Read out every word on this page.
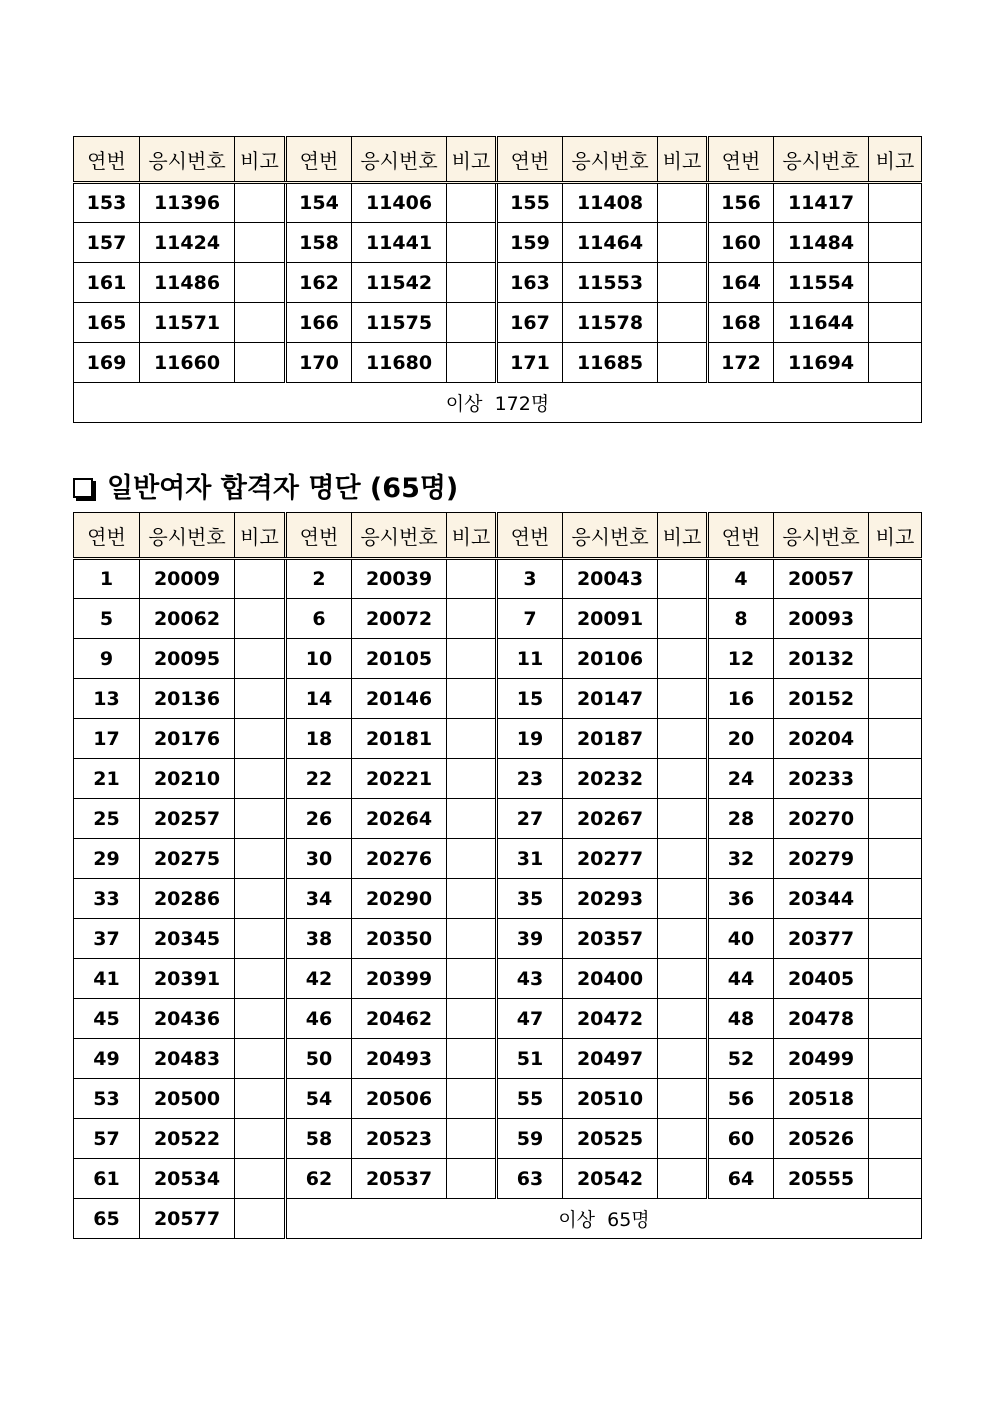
연번	응시번호	비고	연번	응시번호	비고	연번	응시번호	비고	연번	응시번호	비고
153	11396		154	11406		155	11408		156	11417	
157	11424		158	11441		159	11464		160	11484	
161	11486		162	11542		163	11553		164	11554	
165	11571		166	11575		167	11578		168	11644	
169	11660		170	11680		171	11685		172	11694	
이상  172명											
일반여자 합격자 명단 (65명)
연번	응시번호	비고	연번	응시번호	비고	연번	응시번호	비고	연번	응시번호	비고
1	20009		2	20039		3	20043		4	20057	
5	20062		6	20072		7	20091		8	20093	
9	20095		10	20105		11	20106		12	20132	
13	20136		14	20146		15	20147		16	20152	
17	20176		18	20181		19	20187		20	20204	
21	20210		22	20221		23	20232		24	20233	
25	20257		26	20264		27	20267		28	20270	
29	20275		30	20276		31	20277		32	20279	
33	20286		34	20290		35	20293		36	20344	
37	20345		38	20350		39	20357		40	20377	
41	20391		42	20399		43	20400		44	20405	
45	20436		46	20462		47	20472		48	20478	
49	20483		50	20493		51	20497		52	20499	
53	20500		54	20506		55	20510		56	20518	
57	20522		58	20523		59	20525		60	20526	
61	20534		62	20537		63	20542		64	20555	
65	20577		이상  65명								
